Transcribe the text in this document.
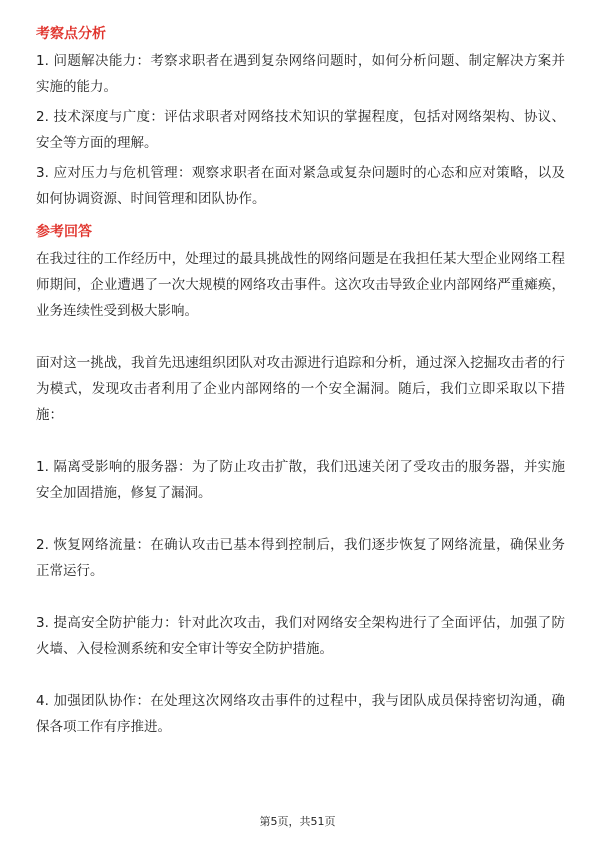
考察点分析

1. 问题解决能力：考察求职者在遇到复杂网络问题时，如何分析问题、制定解决方案并实施的能力。

2. 技术深度与广度：评估求职者对网络技术知识的掌握程度，包括对网络架构、协议、安全等方面的理解。

3. 应对压力与危机管理：观察求职者在面对紧急或复杂问题时的心态和应对策略，以及如何协调资源、时间管理和团队协作。

参考回答

在我过往的工作经历中，处理过的最具挑战性的网络问题是在我担任某大型企业网络工程师期间，企业遭遇了一次大规模的网络攻击事件。这次攻击导致企业内部网络严重瘫痪，业务连续性受到极大影响。

面对这一挑战，我首先迅速组织团队对攻击源进行追踪和分析，通过深入挖掘攻击者的行为模式，发现攻击者利用了企业内部网络的一个安全漏洞。随后，我们立即采取以下措施：

1. 隔离受影响的服务器：为了防止攻击扩散，我们迅速关闭了受攻击的服务器，并实施安全加固措施，修复了漏洞。

2. 恢复网络流量：在确认攻击已基本得到控制后，我们逐步恢复了网络流量，确保业务正常运行。

3. 提高安全防护能力：针对此次攻击，我们对网络安全架构进行了全面评估，加强了防火墙、入侵检测系统和安全审计等安全防护措施。

4. 加强团队协作：在处理这次网络攻击事件的过程中，我与团队成员保持密切沟通，确保各项工作有序推进。

第5页，共51页
